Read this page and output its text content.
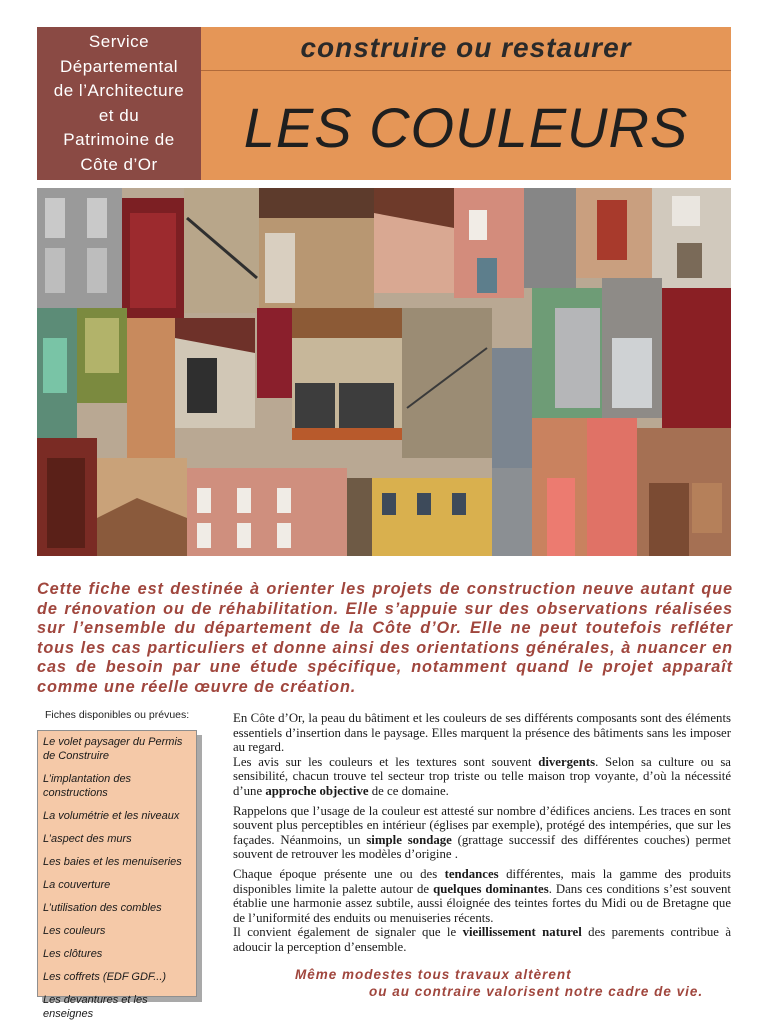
Service
Départemental
de l’Architecture
et du
Patrimoine de
Côte d’Or
construire ou restaurer
LES COULEURS
Cette fiche est destinée à orienter les projets de construction neuve autant que de rénovation ou de réhabilitation. Elle s’appuie sur des observations réalisées sur l’ensemble du département de la Côte d’Or. Elle ne peut toutefois refléter tous les cas particuliers et donne ainsi des orientations générales, à nuancer en cas de besoin par une étude spécifique, notamment quand le projet apparaît comme une réelle œuvre de création.
Fiches disponibles ou prévues:
Le volet paysager du Permis de Construire
L’implantation des constructions
La volumétrie et les niveaux
L’aspect des murs
Les baies et les menuiseries
La couverture
L’utilisation des combles
Les couleurs
Les clôtures
Les coffrets (EDF GDF...)
Les devantures et les enseignes

En Côte d’Or, la peau du bâtiment et les couleurs de ses différents composants sont des éléments essentiels d’insertion dans le paysage. Elles marquent la présence des bâtiments sans les imposer au regard.
Les avis sur les couleurs et les textures sont souvent divergents. Selon sa culture ou sa sensibilité, chacun trouve tel secteur trop triste ou telle maison trop voyante, d’où la nécessité d’une approche objective de ce domaine.

Rappelons que l’usage de la couleur est attesté sur nombre d’édifices anciens. Les traces en sont souvent plus perceptibles en intérieur (églises par exemple), protégé des intempéries, que sur les façades. Néanmoins, un simple sondage (grattage successif des différentes couches) permet souvent de retrouver les modèles d’origine .

Chaque époque présente une ou des tendances différentes, mais la gamme des produits disponibles limite la palette autour de quelques dominantes. Dans ces conditions s’est souvent établie une harmonie assez subtile, aussi éloignée des teintes fortes du Midi ou de Bretagne que de l’uniformité des enduits ou menuiseries récents.
Il convient également de signaler que le vieillissement naturel des parements contribue à adoucir la perception d’ensemble.

Même modestes tous travaux altèrent
ou au contraire valorisent notre cadre de vie.
